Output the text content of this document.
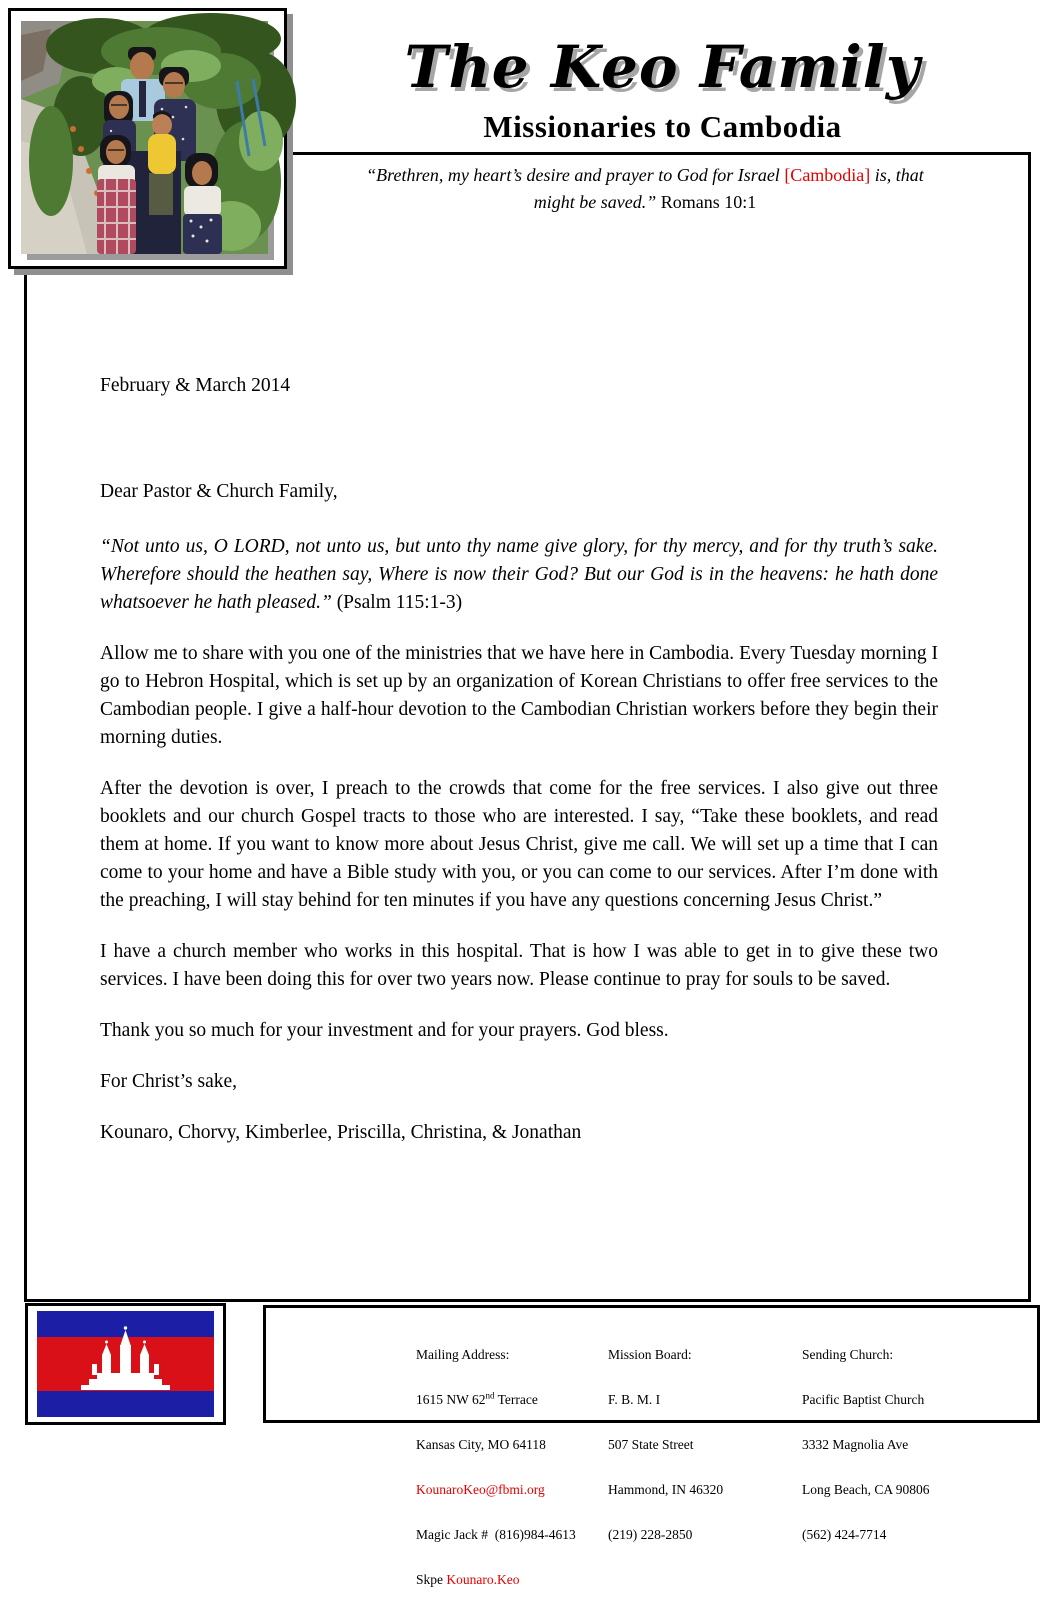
“Brethren, my heart’s desire and prayer to God for Israel [Cambodia] is, that
might be saved.” Romans 10:1
February & March 2014
Dear Pastor & Church Family,

“Not unto us, O LORD, not unto us, but unto thy name give glory, for thy mercy, and for thy truth’s sake. Wherefore should the heathen say, Where is now their God? But our God is in the heavens: he hath done whatsoever he hath pleased.” (Psalm 115:1-3)

Allow me to share with you one of the ministries that we have here in Cambodia. Every Tuesday morning I go to Hebron Hospital, which is set up by an organization of Korean Christians to offer free services to the Cambodian people. I give a half-hour devotion to the Cambodian Christian workers before they begin their morning duties.

After the devotion is over, I preach to the crowds that come for the free services. I also give out three booklets and our church Gospel tracts to those who are interested. I say, “Take these booklets, and read them at home. If you want to know more about Jesus Christ, give me call. We will set up a time that I can come to your home and have a Bible study with you, or you can come to our services. After I’m done with the preaching, I will stay behind for ten minutes if you have any questions concerning Jesus Christ.”

I have a church member who works in this hospital. That is how I was able to get in to give these two services. I have been doing this for over two years now. Please continue to pray for souls to be saved.

Thank you so much for your investment and for your prayers. God bless.

For Christ’s sake,

Kounaro, Chorvy, Kimberlee, Priscilla, Christina, & Jonathan

The Keo Family
Missionaries to Cambodia

Mailing Address:

1615 NW 62nd Terrace

Kansas City, MO 64118

KounaroKeo@fbmi.org

Magic Jack #  (816)984-4613

Skpe Kounaro.Keo

Mission Board:

F. B. M. I

507 State Street

Hammond, IN 46320

(219) 228-2850

Sending Church:

Pacific Baptist Church

3332 Magnolia Ave

Long Beach, CA 90806

(562) 424-7714
